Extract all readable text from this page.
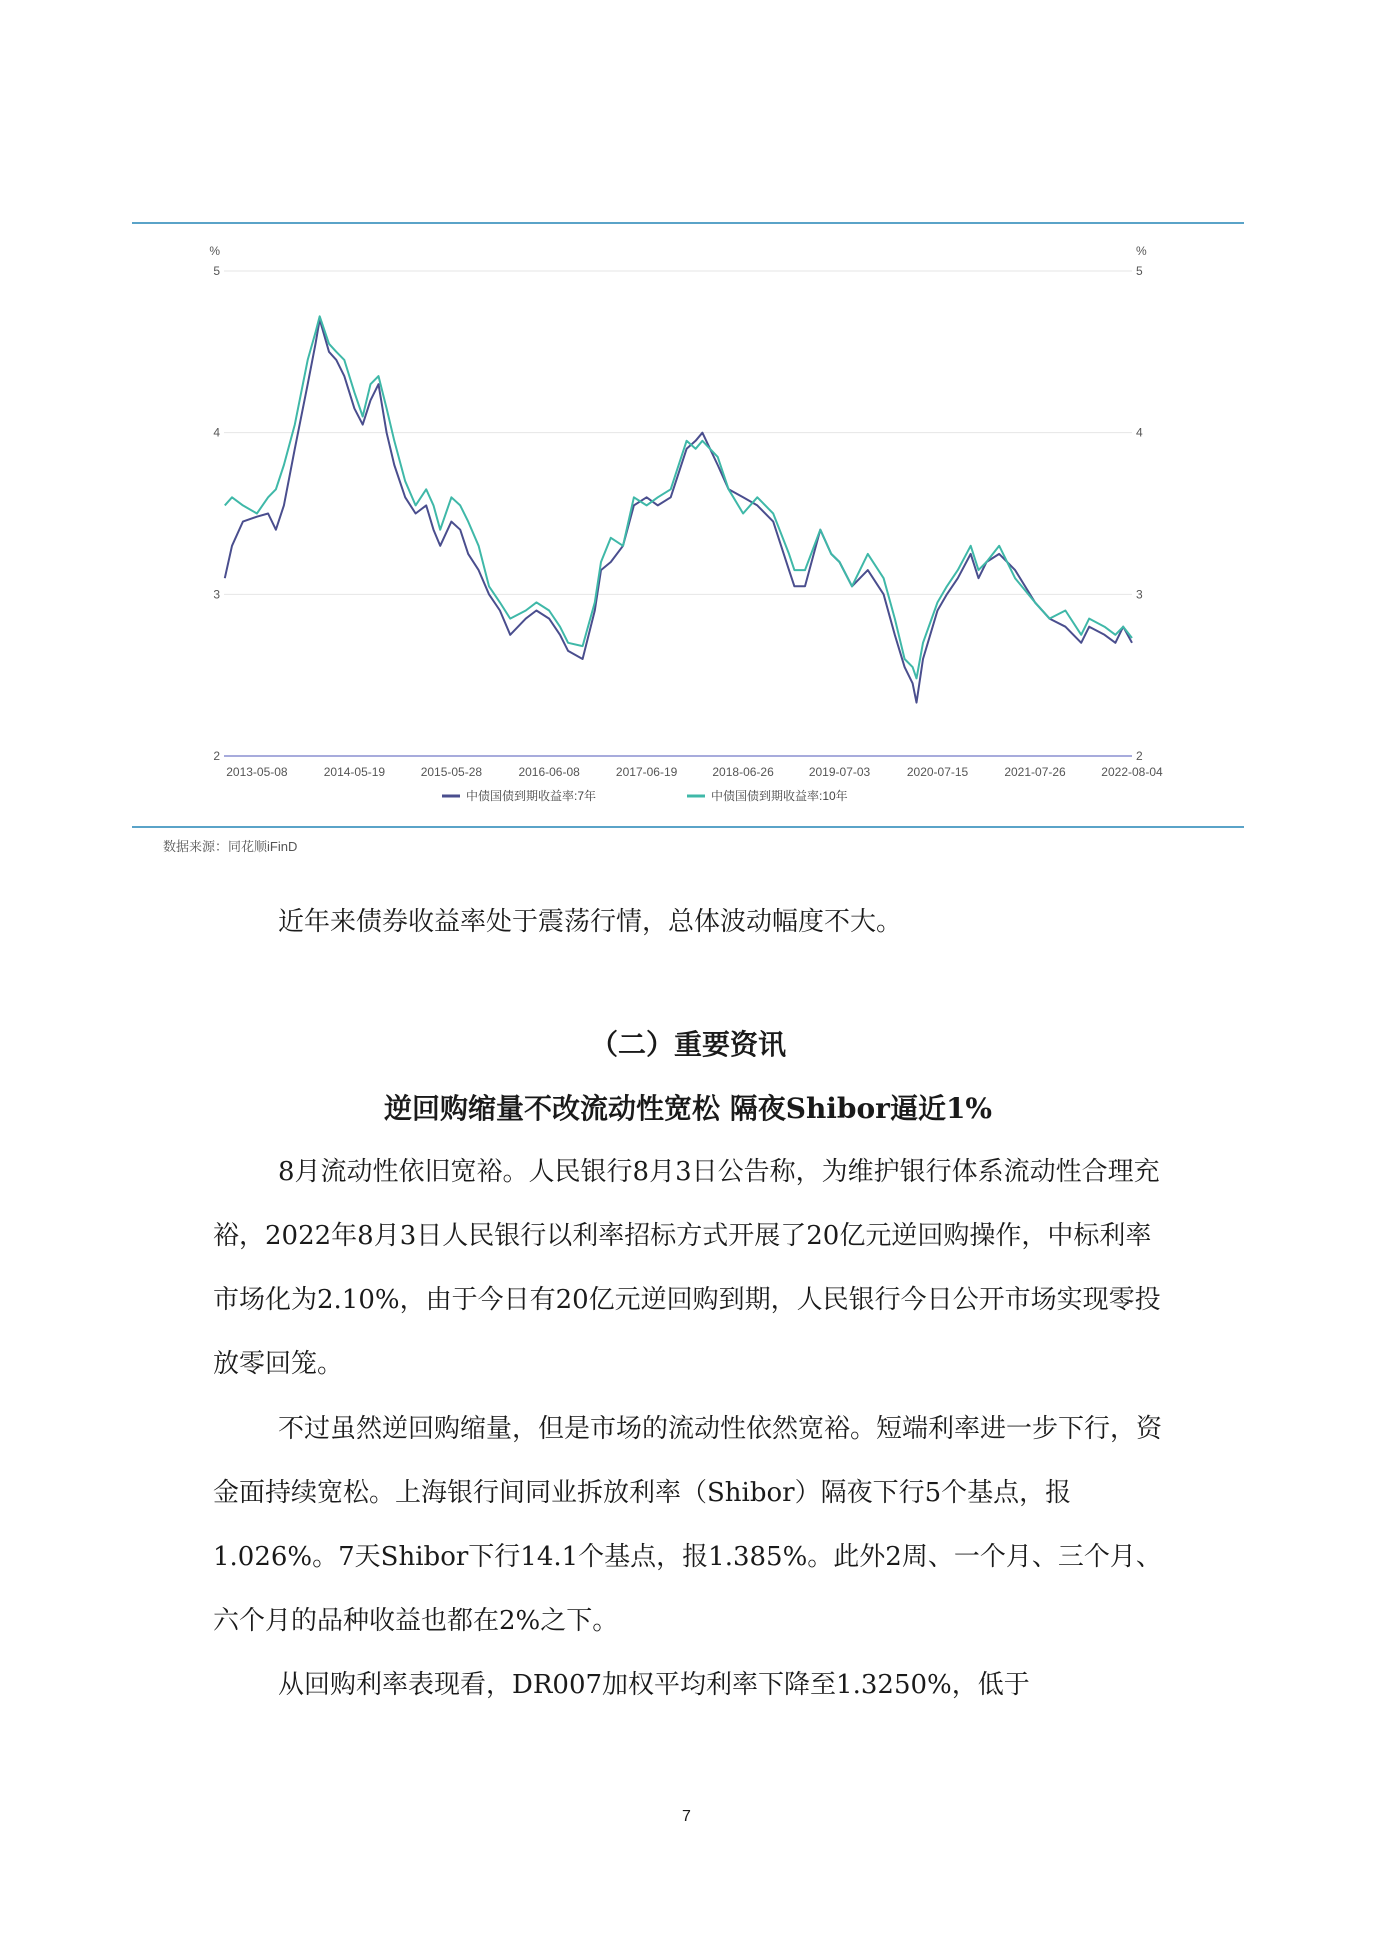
2	2
3	3
4	4
5	5
%	%
2013-05-08	2014-05-19	2015-05-28	2016-06-08	2017-06-19	2018-06-26	2019-07-03	2020-07-15	2021-07-26	2022-08-04
中债国债到期收益率:7年	中债国债到期收益率:10年
数据来源：同花顺iFinD

近年来债券收益率处于震荡行情，总体波动幅度不大。

（二）重要资讯

逆回购缩量不改流动性宽松 隔夜Shibor逼近1%

8月流动性依旧宽裕。人民银行8月3日公告称，为维护银行体系流动性合理充裕，2022年8月3日人民银行以利率招标方式开展了20亿元逆回购操作，中标利率市场化为2.10%，由于今日有20亿元逆回购到期，人民银行今日公开市场实现零投放零回笼。

不过虽然逆回购缩量，但是市场的流动性依然宽裕。短端利率进一步下行，资金面持续宽松。上海银行间同业拆放利率（Shibor）隔夜下行5个基点，报1.026%。7天Shibor下行14.1个基点，报1.385%。此外2周、一个月、三个月、六个月的品种收益也都在2%之下。

从回购利率表现看，DR007加权平均利率下降至1.3250%，低于

7
